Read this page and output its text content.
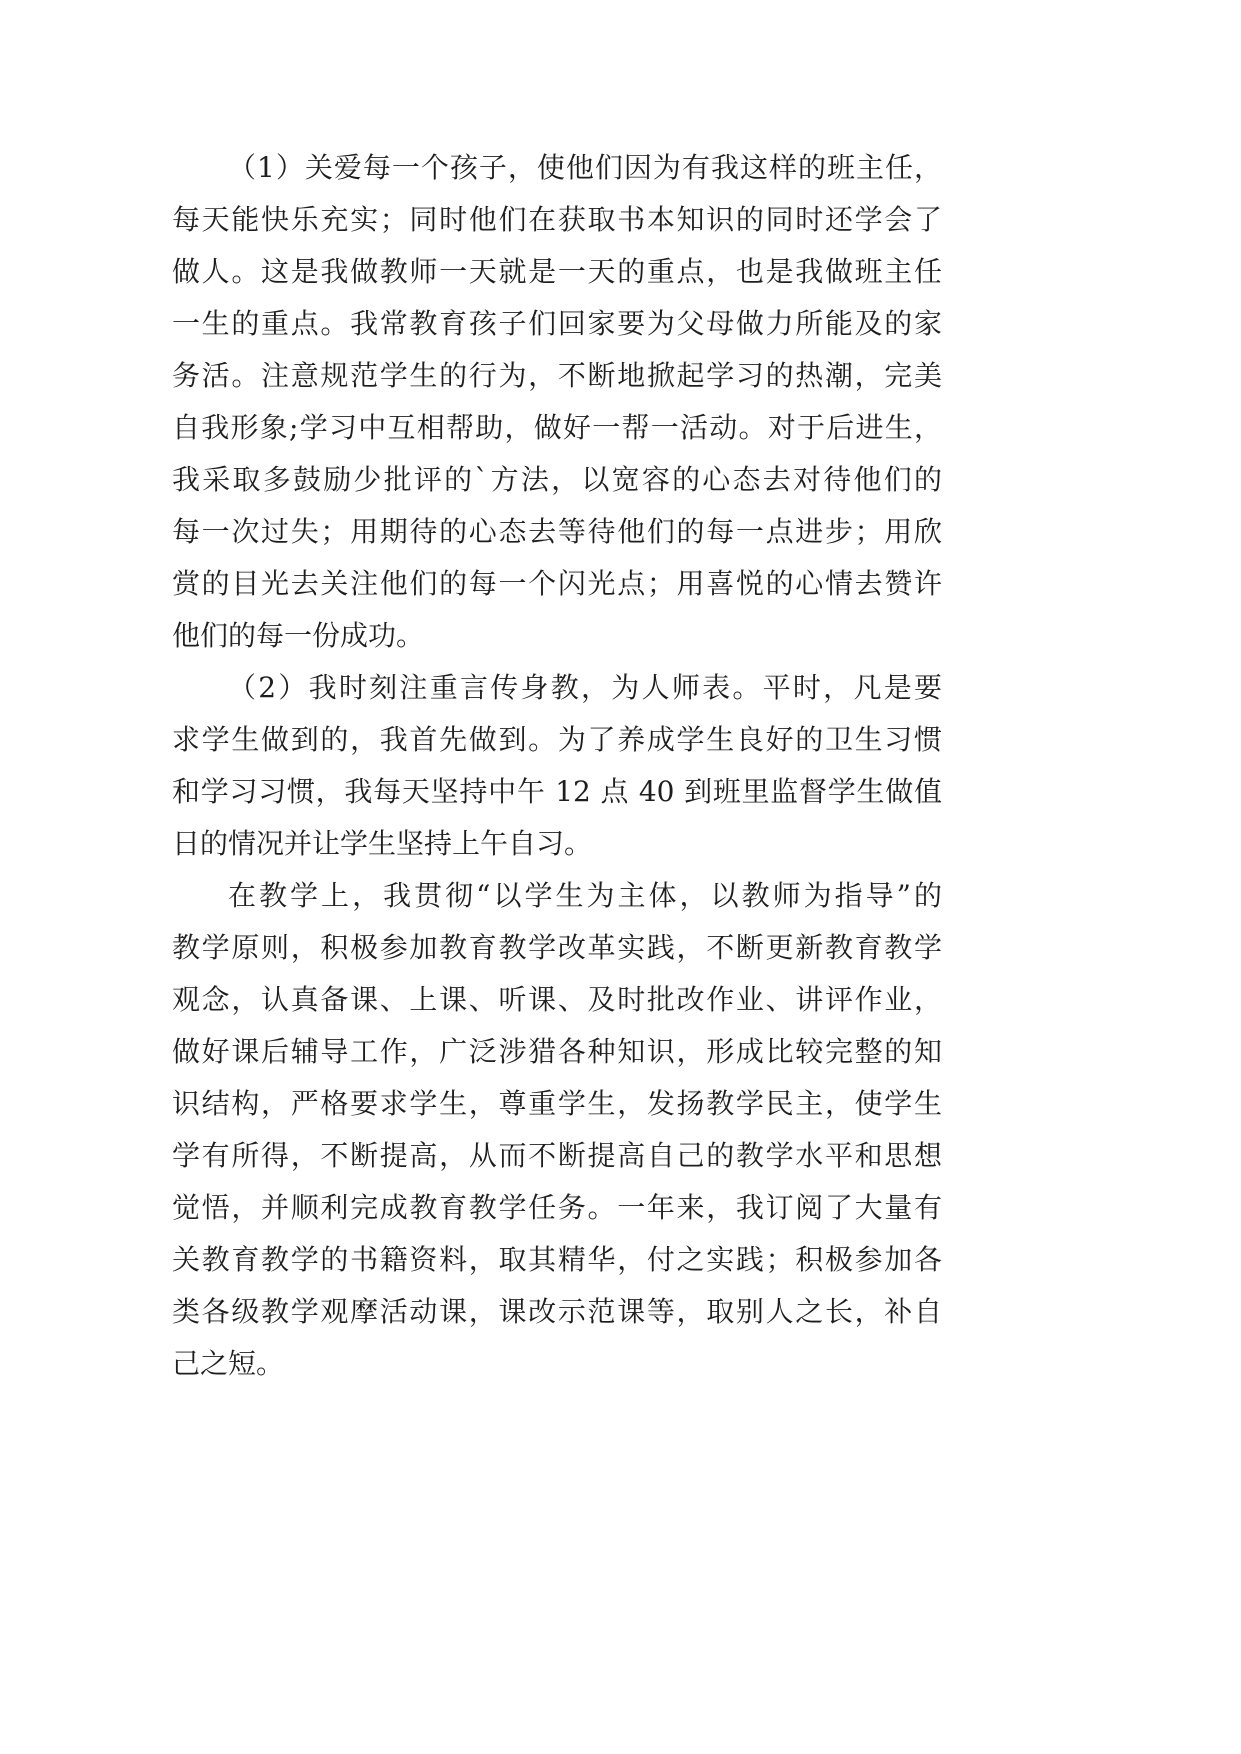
（1）关爱每一个孩子，使他们因为有我这样的班主任，
每天能快乐充实；同时他们在获取书本知识的同时还学会了
做人。这是我做教师一天就是一天的重点，也是我做班主任
一生的重点。我常教育孩子们回家要为父母做力所能及的家
务活。注意规范学生的行为，不断地掀起学习的热潮，完美
自我形象;学习中互相帮助，做好一帮一活动。对于后进生，
我采取多鼓励少批评的`方法，以宽容的心态去对待他们的
每一次过失；用期待的心态去等待他们的每一点进步；用欣
赏的目光去关注他们的每一个闪光点；用喜悦的心情去赞许
他们的每一份成功。
（2）我时刻注重言传身教，为人师表。平时，凡是要
求学生做到的，我首先做到。为了养成学生良好的卫生习惯
和学习习惯，我每天坚持中午 12 点 40 到班里监督学生做值
日的情况并让学生坚持上午自习。
在教学上，我贯彻“以学生为主体，以教师为指导”的
教学原则，积极参加教育教学改革实践，不断更新教育教学
观念，认真备课、上课、听课、及时批改作业、讲评作业，
做好课后辅导工作，广泛涉猎各种知识，形成比较完整的知
识结构，严格要求学生，尊重学生，发扬教学民主，使学生
学有所得，不断提高，从而不断提高自己的教学水平和思想
觉悟，并顺利完成教育教学任务。一年来，我订阅了大量有
关教育教学的书籍资料，取其精华，付之实践；积极参加各
类各级教学观摩活动课，课改示范课等，取别人之长，补自
己之短。
